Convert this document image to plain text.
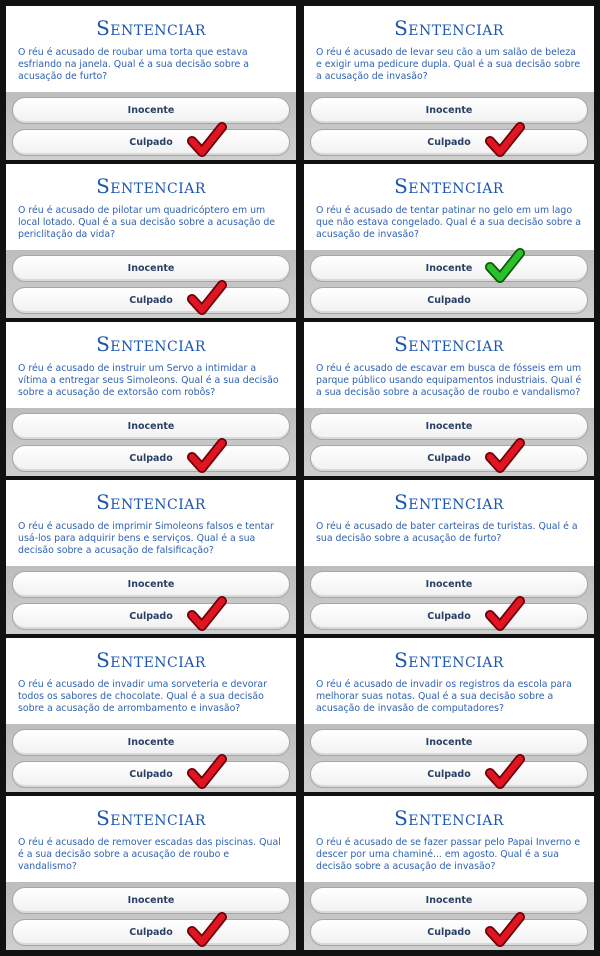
Sentenciar
O réu é acusado de roubar uma torta que estava esfriando na janela. Qual é a sua decisão sobre a acusação de furto?
Inocente
Culpado
Sentenciar
O réu é acusado de levar seu cão a um salão de beleza e exigir uma pedicure dupla. Qual é a sua decisão sobre a acusação de invasão?
Inocente
Culpado
Sentenciar
O réu é acusado de pilotar um quadricóptero em um local lotado. Qual é a sua decisão sobre a acusação de periclitação da vida?
Inocente
Culpado
Sentenciar
O réu é acusado de tentar patinar no gelo em um lago que não estava congelado. Qual é a sua decisão sobre a acusação de invasão?
Inocente
Culpado
Sentenciar
O réu é acusado de instruir um Servo a intimidar a vítima a entregar seus Simoleons. Qual é a sua decisão sobre a acusação de extorsão com robôs?
Inocente
Culpado
Sentenciar
O réu é acusado de escavar em busca de fósseis em um parque público usando equipamentos industriais. Qual é a sua decisão sobre a acusação de roubo e vandalismo?
Inocente
Culpado
Sentenciar
O réu é acusado de imprimir Simoleons falsos e tentar usá-los para adquirir bens e serviços. Qual é a sua decisão sobre a acusação de falsificação?
Inocente
Culpado
Sentenciar
O réu é acusado de bater carteiras de turistas. Qual é a sua decisão sobre a acusação de furto?
Inocente
Culpado
Sentenciar
O réu é acusado de invadir uma sorveteria e devorar todos os sabores de chocolate. Qual é a sua decisão sobre a acusação de arrombamento e invasão?
Inocente
Culpado
Sentenciar
O réu é acusado de invadir os registros da escola para melhorar suas notas. Qual é a sua decisão sobre a acusação de invasão de computadores?
Inocente
Culpado
Sentenciar
O réu é acusado de remover escadas das piscinas. Qual é a sua decisão sobre a acusação de roubo e vandalismo?
Inocente
Culpado
Sentenciar
O réu é acusado de se fazer passar pelo Papai Inverno e descer por uma chaminé... em agosto. Qual é a sua decisão sobre a acusação de invasão?
Inocente
Culpado
